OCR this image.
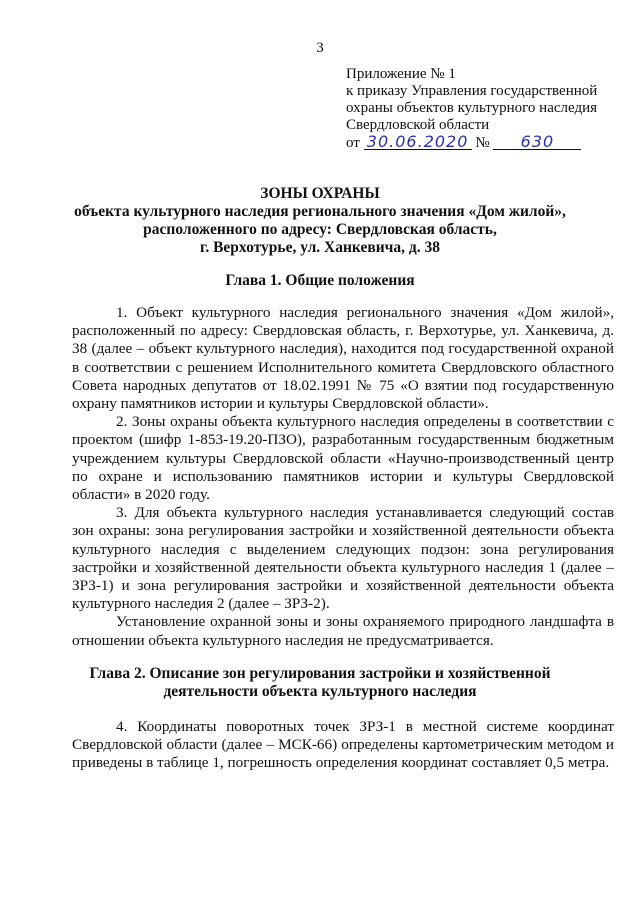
3
Приложение № 1
к приказу Управления государственной
охраны объектов культурного наследия
Свердловской области
от 30.06.2020 № 630
ЗОНЫ ОХРАНЫ
объекта культурного наследия регионального значения «Дом жилой»,
расположенного по адресу: Свердловская область,
г. Верхотурье, ул. Ханкевича, д. 38
Глава 1. Общие положения

1. Объект культурного наследия регионального значения «Дом жилой», расположенный по адресу: Свердловская область, г. Верхотурье, ул. Ханкевича, д. 38 (далее – объект культурного наследия), находится под государственной охраной в соответствии с решением Исполнительного комитета Свердловского областного Совета народных депутатов от 18.02.1991 № 75 «О взятии под государственную охрану памятников истории и культуры Свердловской области».

2. Зоны охраны объекта культурного наследия определены в соответствии с проектом (шифр 1-853-19.20-ПЗО), разработанным государственным бюджетным учреждением культуры Свердловской области «Научно-производственный центр по охране и использованию памятников истории и культуры Свердловской области» в 2020 году.

3. Для объекта культурного наследия устанавливается следующий состав зон охраны: зона регулирования застройки и хозяйственной деятельности объекта культурного наследия с выделением следующих подзон: зона регулирования застройки и хозяйственной деятельности объекта культурного наследия 1 (далее – ЗРЗ-1) и зона регулирования застройки и хозяйственной деятельности объекта культурного наследия 2 (далее – ЗРЗ-2).

Установление охранной зоны и зоны охраняемого природного ландшафта в отношении объекта культурного наследия не предусматривается.

Глава 2. Описание зон регулирования застройки и хозяйственной
деятельности объекта культурного наследия

4. Координаты поворотных точек ЗРЗ-1 в местной системе координат Свердловской области (далее – МСК-66) определены картометрическим методом и приведены в таблице 1, погрешность определения координат составляет 0,5 метра.
